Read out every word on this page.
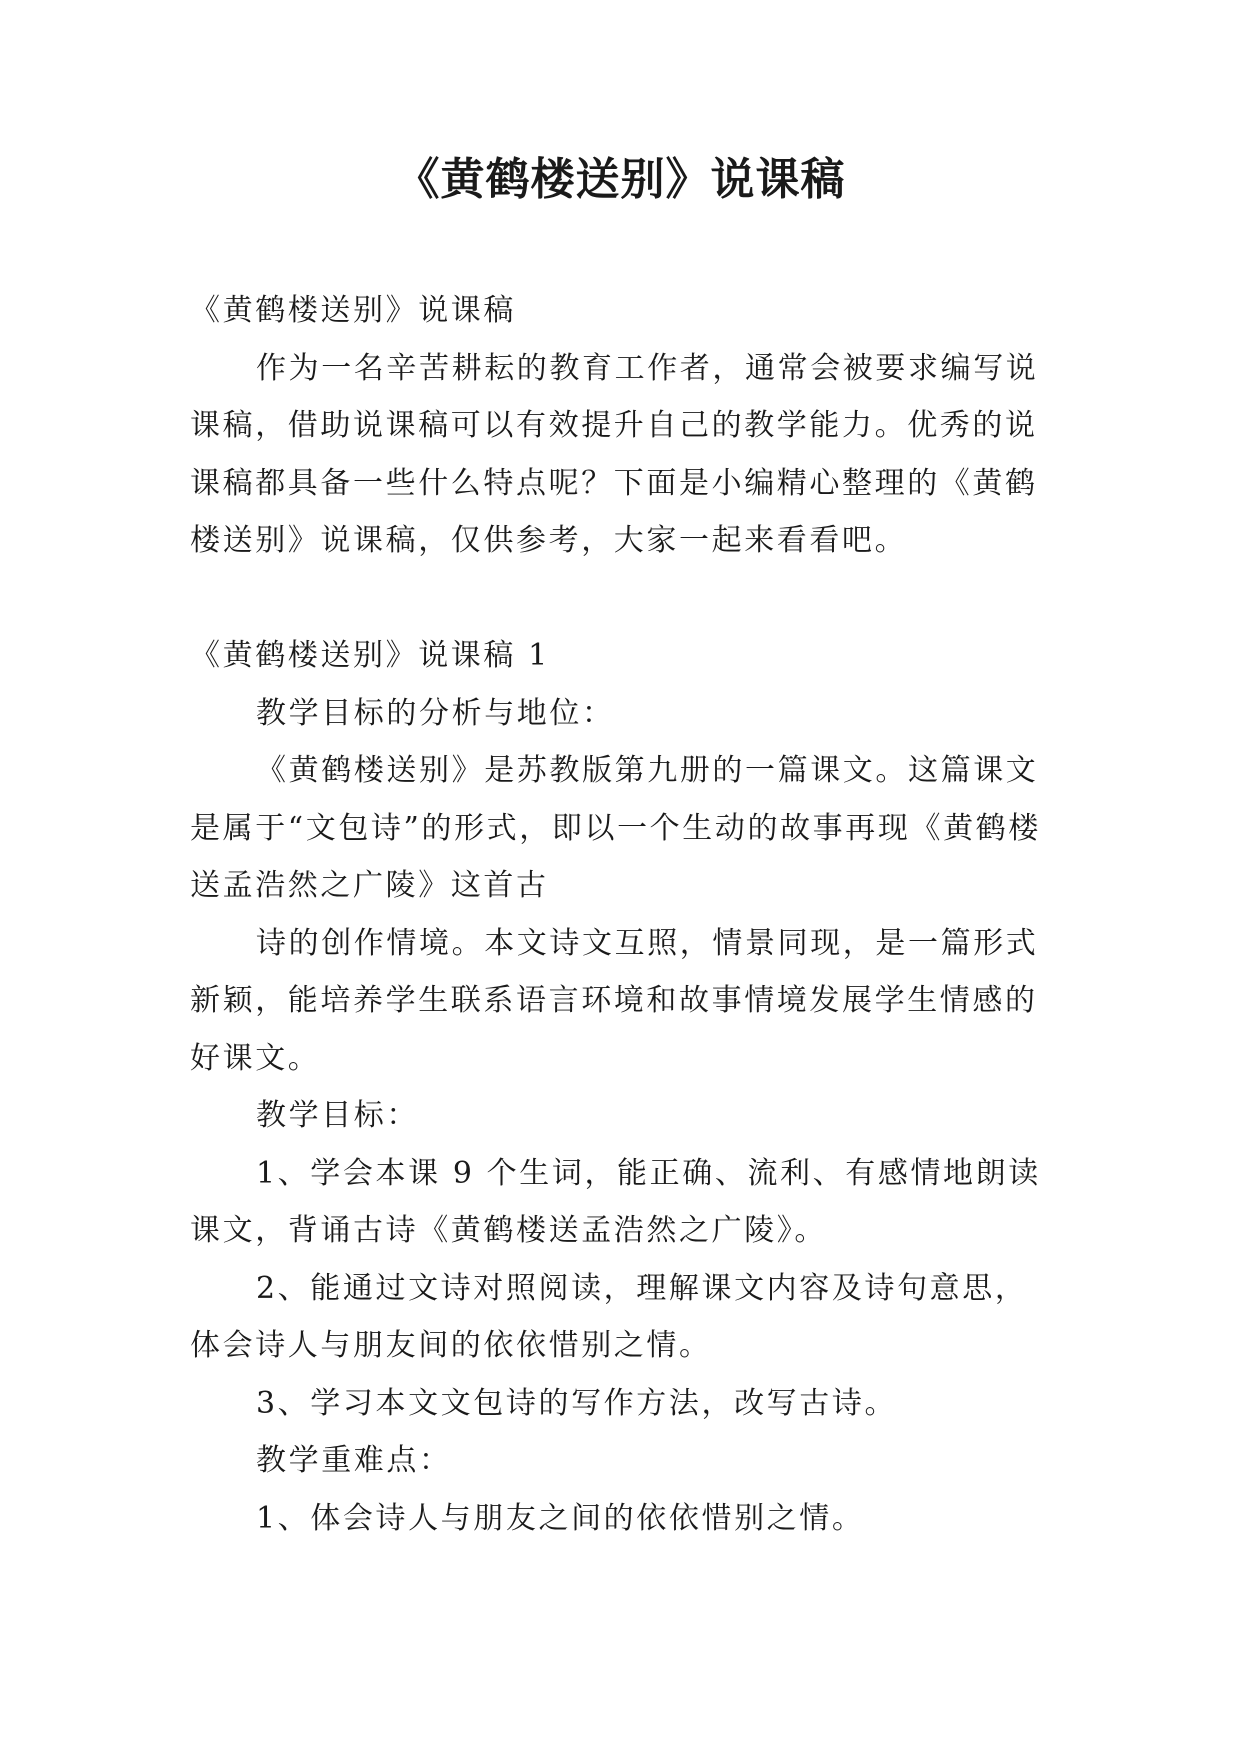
《黄鹤楼送别》说课稿

《黄鹤楼送别》说课稿

作为一名辛苦耕耘的教育工作者，通常会被要求编写说课稿，借助说课稿可以有效提升自己的教学能力。优秀的说课稿都具备一些什么特点呢？下面是小编精心整理的《黄鹤楼送别》说课稿，仅供参考，大家一起来看看吧。

《黄鹤楼送别》说课稿 1

教学目标的分析与地位：

《黄鹤楼送别》是苏教版第九册的一篇课文。这篇课文是属于“文包诗”的形式，即以一个生动的故事再现《黄鹤楼送孟浩然之广陵》这首古

诗的创作情境。本文诗文互照，情景同现，是一篇形式新颖，能培养学生联系语言环境和故事情境发展学生情感的好课文。

教学目标：

1、学会本课 9 个生词，能正确、流利、有感情地朗读课文，背诵古诗《黄鹤楼送孟浩然之广陵》。

2、能通过文诗对照阅读，理解课文内容及诗句意思，体会诗人与朋友间的依依惜别之情。

3、学习本文文包诗的写作方法，改写古诗。

教学重难点：

1、体会诗人与朋友之间的依依惜别之情。
